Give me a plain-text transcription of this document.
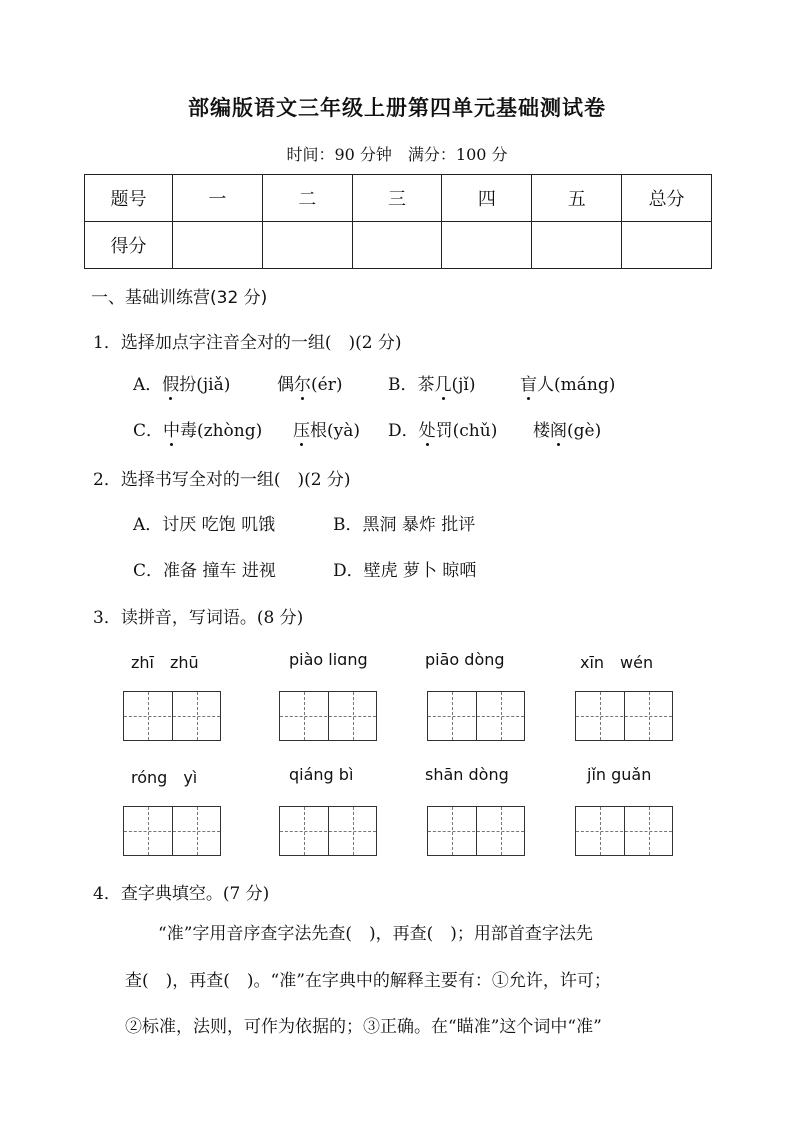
部编版语文三年级上册第四单元基础测试卷
时间：90 分钟　满分：100 分
题号	一	二	三	四	五	总分
得分						
一、基础训练营(32 分)
1．选择加点字注音全对的一组(　)(2 分)
A．假扮(jiǎ)	偶尔(ér)	B．茶几(jǐ)	盲人(máng)
C．中毒(zhòng) 压根(yà) D．处罚(chǔ) 楼阁(gè)
2．选择书写全对的一组(　)(2 分)
A．讨厌 吃饱 叽饿	B．黑洞 暴炸 批评
C．准备 撞车 进视	D．壁虎 萝卜 晾哂
3．读拼音，写词语。(8 分)
zhī　zhū	piào liɑng	piāo dòng	xīn　wén
róng　yì	qiáng bì	shān dòng	jǐn guǎn
4．查字典填空。(7 分)
“准”字用音序查字法先查(　)，再查(　)；用部首查字法先
查(　)，再查(　)。“准”在字典中的解释主要有：①允许，许可；
②标准，法则，可作为依据的；③正确。在“瞄准”这个词中“准”
